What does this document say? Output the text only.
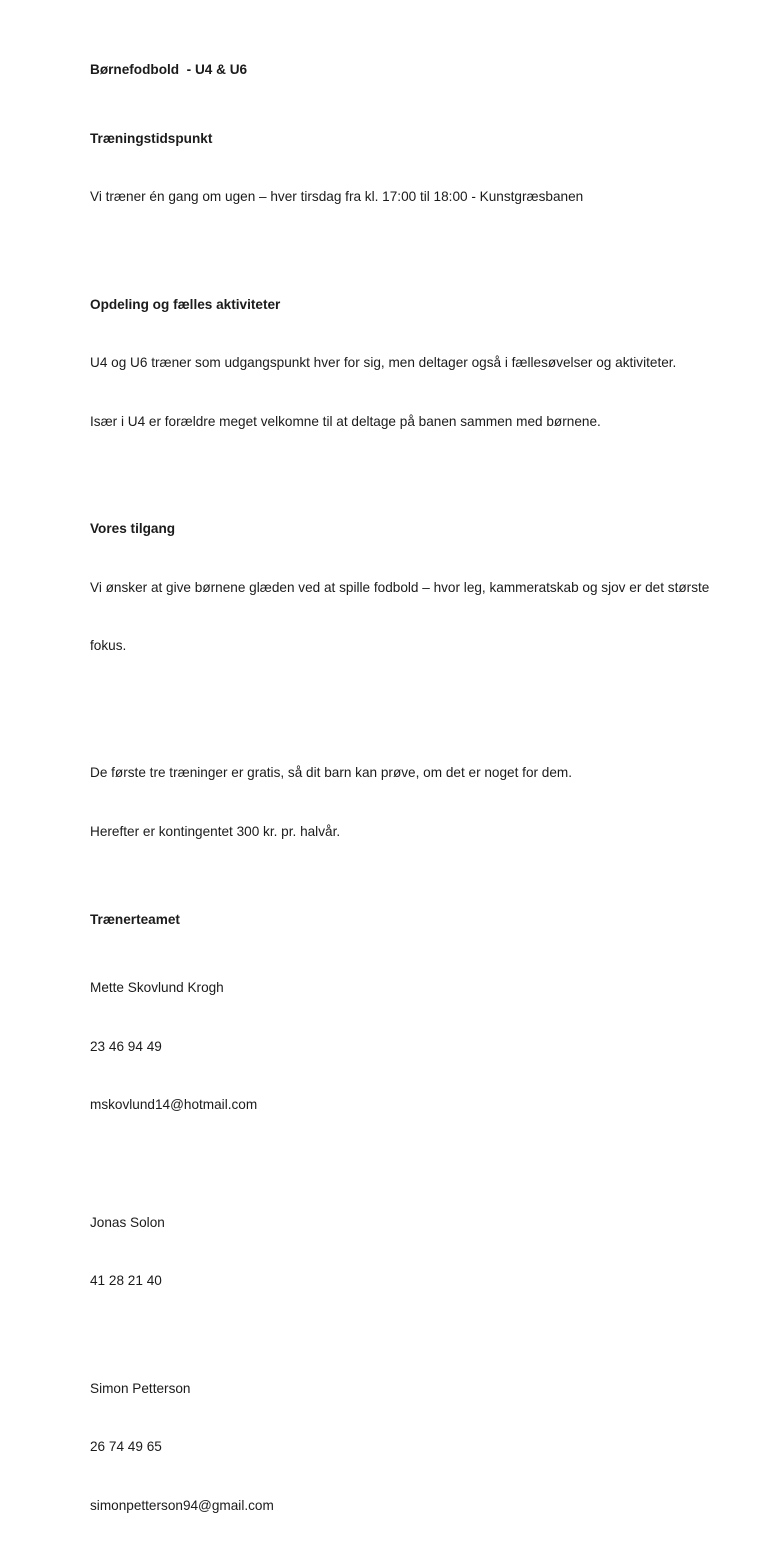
Børnefodbold  - U4 & U6

Træningstidspunkt

Vi træner én gang om ugen – hver tirsdag fra kl. 17:00 til 18:00 - Kunstgræsbanen

Opdeling og fælles aktiviteter

U4 og U6 træner som udgangspunkt hver for sig, men deltager også i fællesøvelser og aktiviteter.

Især i U4 er forældre meget velkomne til at deltage på banen sammen med børnene.

Vores tilgang

Vi ønsker at give børnene glæden ved at spille fodbold – hvor leg, kammeratskab og sjov er det største

fokus.

De første tre træninger er gratis, så dit barn kan prøve, om det er noget for dem.

Herefter er kontingentet 300 kr. pr. halvår.

Trænerteamet

Mette Skovlund Krogh

23 46 94 49

mskovlund14@hotmail.com

Jonas Solon

41 28 21 40

Simon Petterson

26 74 49 65

simonpetterson94@gmail.com
